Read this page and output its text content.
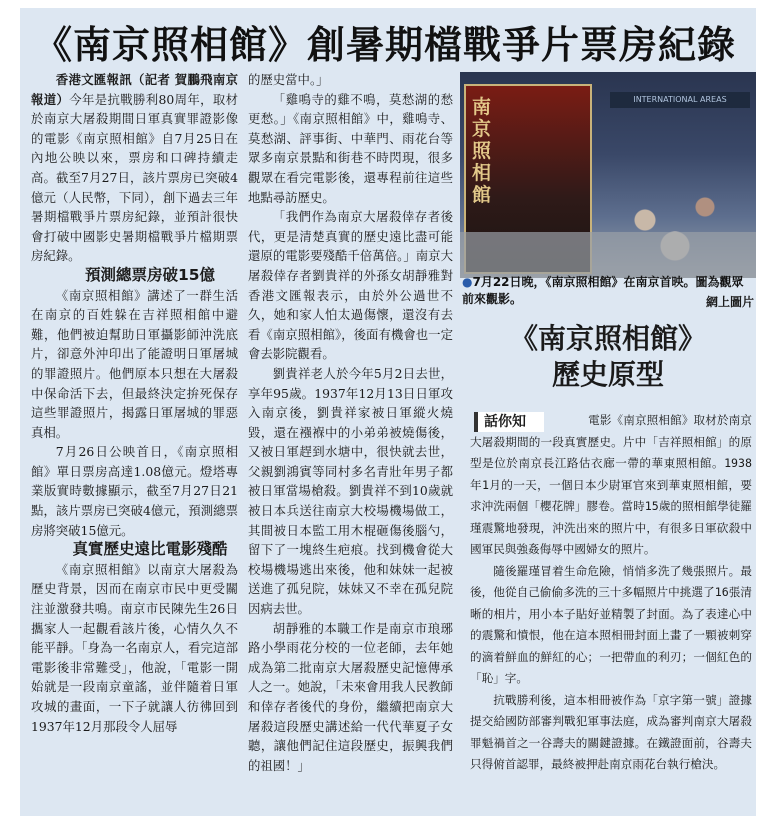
《南京照相館》創暑期檔戰爭片票房紀錄

香港文匯報訊（記者 賀鵬飛南京報道）今年是抗戰勝利80周年，取材於南京大屠殺期間日軍真實罪證影像的電影《南京照相館》自7月25日在內地公映以來，票房和口碑持續走高。截至7月27日，該片票房已突破4億元（人民幣，下同），創下過去三年暑期檔戰爭片票房紀錄，並預計很快會打破中國影史暑期檔戰爭片檔期票房紀錄。

預測總票房破15億

《南京照相館》講述了一群生活在南京的百姓躲在吉祥照相館中避難，他們被迫幫助日軍攝影師沖洗底片，卻意外沖印出了能證明日軍屠城的罪證照片。他們原本只想在大屠殺中保命活下去，但最終決定拚死保存這些罪證照片，揭露日軍屠城的罪惡真相。

7月26日公映首日，《南京照相館》單日票房高達1.08億元。燈塔專業版實時數據顯示，截至7月27日21點，該片票房已突破4億元，預測總票房將突破15億元。

真實歷史遠比電影殘酷

《南京照相館》以南京大屠殺為歷史背景，因而在南京市民中更受關注並激發共鳴。南京市民陳先生26日攜家人一起觀看該片後，心情久久不能平靜。「身為一名南京人，看完這部電影後非常難受」，他說，「電影一開始就是一段南京童謠，並伴隨着日軍攻城的畫面，一下子就讓人彷彿回到1937年12月那段令人屈辱

的歷史當中。」

「雞鳴寺的雞不鳴，莫愁湖的愁更愁。」《南京照相館》中，雞鳴寺、莫愁湖、評事街、中華門、雨花台等眾多南京景點和街巷不時閃現，很多觀眾在看完電影後，還專程前往這些地點尋訪歷史。

「我們作為南京大屠殺倖存者後代，更是清楚真實的歷史遠比盡可能還原的電影要殘酷千倍萬倍。」南京大屠殺倖存者劉貴祥的外孫女胡靜雅對香港文匯報表示，由於外公過世不久，她和家人怕太過傷懷，還沒有去看《南京照相館》，後面有機會也一定會去影院觀看。

劉貴祥老人於今年5月2日去世，享年95歲。1937年12月13日日軍攻入南京後，劉貴祥家被日軍縱火燒毀，還在襁褓中的小弟弟被燒傷後，又被日軍趕到水塘中，很快就去世，父親劉鴻賓等同村多名青壯年男子都被日軍當場槍殺。劉貴祥不到10歲就被日本兵送往南京大校場機場做工，其間被日本監工用木棍砸傷後腦勺，留下了一塊終生疤痕。找到機會從大校場機場逃出來後，他和妹妹一起被送進了孤兒院，妹妹又不幸在孤兒院因病去世。

胡靜雅的本職工作是南京市琅琊路小學雨花分校的一位老師，去年她成為第二批南京大屠殺歷史記憶傳承人之一。她說，「未來會用我人民教師和倖存者後代的身份，繼續把南京大屠殺這段歷史講述給一代代華夏子女聽，讓他們記住這段歷史，振興我們的祖國！」

南京照相館
INTERNATIONAL AREAS
●7月22日晚，《南京照相館》在南京首映。圖為觀眾前來觀影。	網上圖片
《南京照相館》
歷史原型
話你知	電影《南京照相館》取材於南京大屠殺期間的一段真實歷史。片中「吉祥照相館」的原型是位於南京長江路估衣廊一帶的華東照相館。1938年1月的一天，一個日本少尉軍官來到華東照相館，要求沖洗兩個「櫻花牌」膠卷。當時15歲的照相館學徒羅瑾震驚地發現，沖洗出來的照片中，有很多日軍砍殺中國軍民與強姦侮辱中國婦女的照片。

隨後羅瑾冒着生命危險，悄悄多洗了幾張照片。最後，他從自己偷偷多洗的三十多幅照片中挑選了16張清晰的相片，用小本子貼好並精製了封面。為了表達心中的震驚和憤恨，他在這本照相冊封面上畫了一顆被刺穿的滴着鮮血的鮮紅的心；一把帶血的利刃；一個紅色的「恥」字。

抗戰勝利後，這本相冊被作為「京字第一號」證據提交給國防部審判戰犯軍事法庭，成為審判南京大屠殺罪魁禍首之一谷壽夫的關鍵證據。在鐵證面前，谷壽夫只得俯首認罪，最終被押赴南京雨花台執行槍決。
